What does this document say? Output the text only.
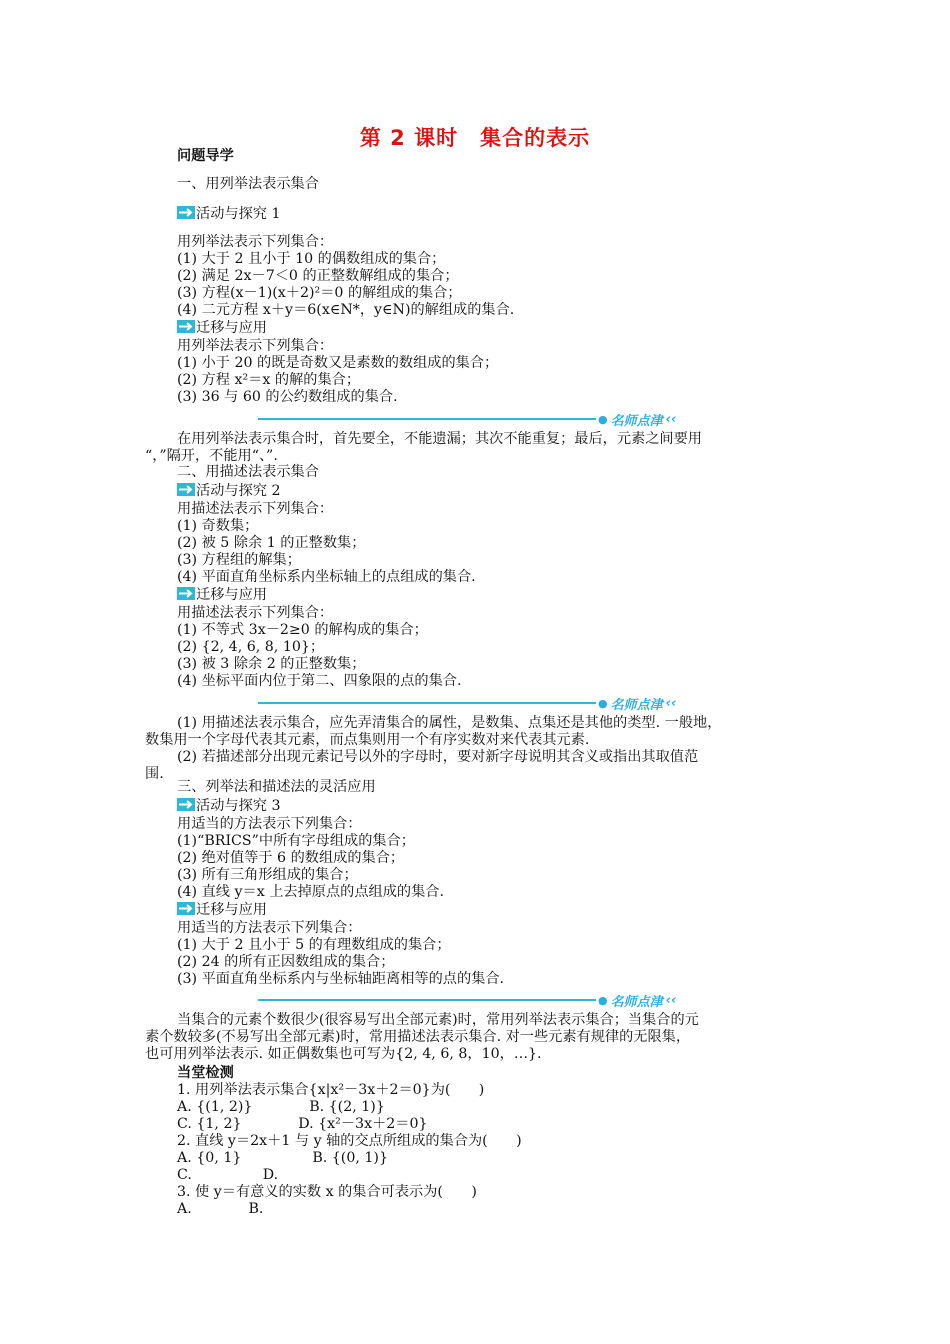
第 2 课时　集合的表示
问题导学
一、用列举法表示集合
活动与探究 1
用列举法表示下列集合：
(1) 大于 2 且小于 10 的偶数组成的集合；
(2) 满足 2x－7＜0 的正整数解组成的集合；
(3) 方程(x－1)(x＋2)²＝0 的解组成的集合；
(4) 二元方程 x＋y＝6(x∈N*，y∈N)的解组成的集合.
迁移与应用
用列举法表示下列集合：
(1) 小于 20 的既是奇数又是素数的数组成的集合；
(2) 方程 x²＝x 的解的集合；
(3) 36 与 60 的公约数组成的集合.
● 名师点津 ‹‹
在用列举法表示集合时，首先要全，不能遗漏；其次不能重复；最后，元素之间要用
“，”隔开，不能用“、”.
二、用描述法表示集合
活动与探究 2
用描述法表示下列集合：
(1) 奇数集；
(2) 被 5 除余 1 的正整数集；
(3) 方程组的解集；
(4) 平面直角坐标系内坐标轴上的点组成的集合.
迁移与应用
用描述法表示下列集合：
(1) 不等式 3x－2≥0 的解构成的集合；
(2) {2, 4, 6, 8, 10}；
(3) 被 3 除余 2 的正整数集；
(4) 坐标平面内位于第二、四象限的点的集合.
● 名师点津 ‹‹
(1) 用描述法表示集合，应先弄清集合的属性，是数集、点集还是其他的类型. 一般地，
数集用一个字母代表其元素，而点集则用一个有序实数对来代表其元素.
(2) 若描述部分出现元素记号以外的字母时，要对新字母说明其含义或指出其取值范
围.
三、列举法和描述法的灵活应用
活动与探究 3
用适当的方法表示下列集合：
(1)“BRICS”中所有字母组成的集合；
(2) 绝对值等于 6 的数组成的集合；
(3) 所有三角形组成的集合；
(4) 直线 y＝x 上去掉原点的点组成的集合.
迁移与应用
用适当的方法表示下列集合：
(1) 大于 2 且小于 5 的有理数组成的集合；
(2) 24 的所有正因数组成的集合；
(3) 平面直角坐标系内与坐标轴距离相等的点的集合.
● 名师点津 ‹‹
当集合的元素个数很少(很容易写出全部元素)时，常用列举法表示集合；当集合的元
素个数较多(不易写出全部元素)时，常用描述法表示集合. 对一些元素有规律的无限集，
也可用列举法表示. 如正偶数集也可写为{2, 4, 6, 8，10，…}.
当堂检测
1. 用列举法表示集合{x|x²－3x＋2＝0}为(　　)
A. {(1, 2)}　　　　B. {(2, 1)}
C. {1, 2}　　　　D. {x²－3x＋2＝0}
2. 直线 y＝2x＋1 与 y 轴的交点所组成的集合为(　　)
A. {0, 1}　　　　　B. {(0, 1)}
C.　　　　　D.
3. 使 y＝有意义的实数 x 的集合可表示为(　　)
A.　　　　B.
